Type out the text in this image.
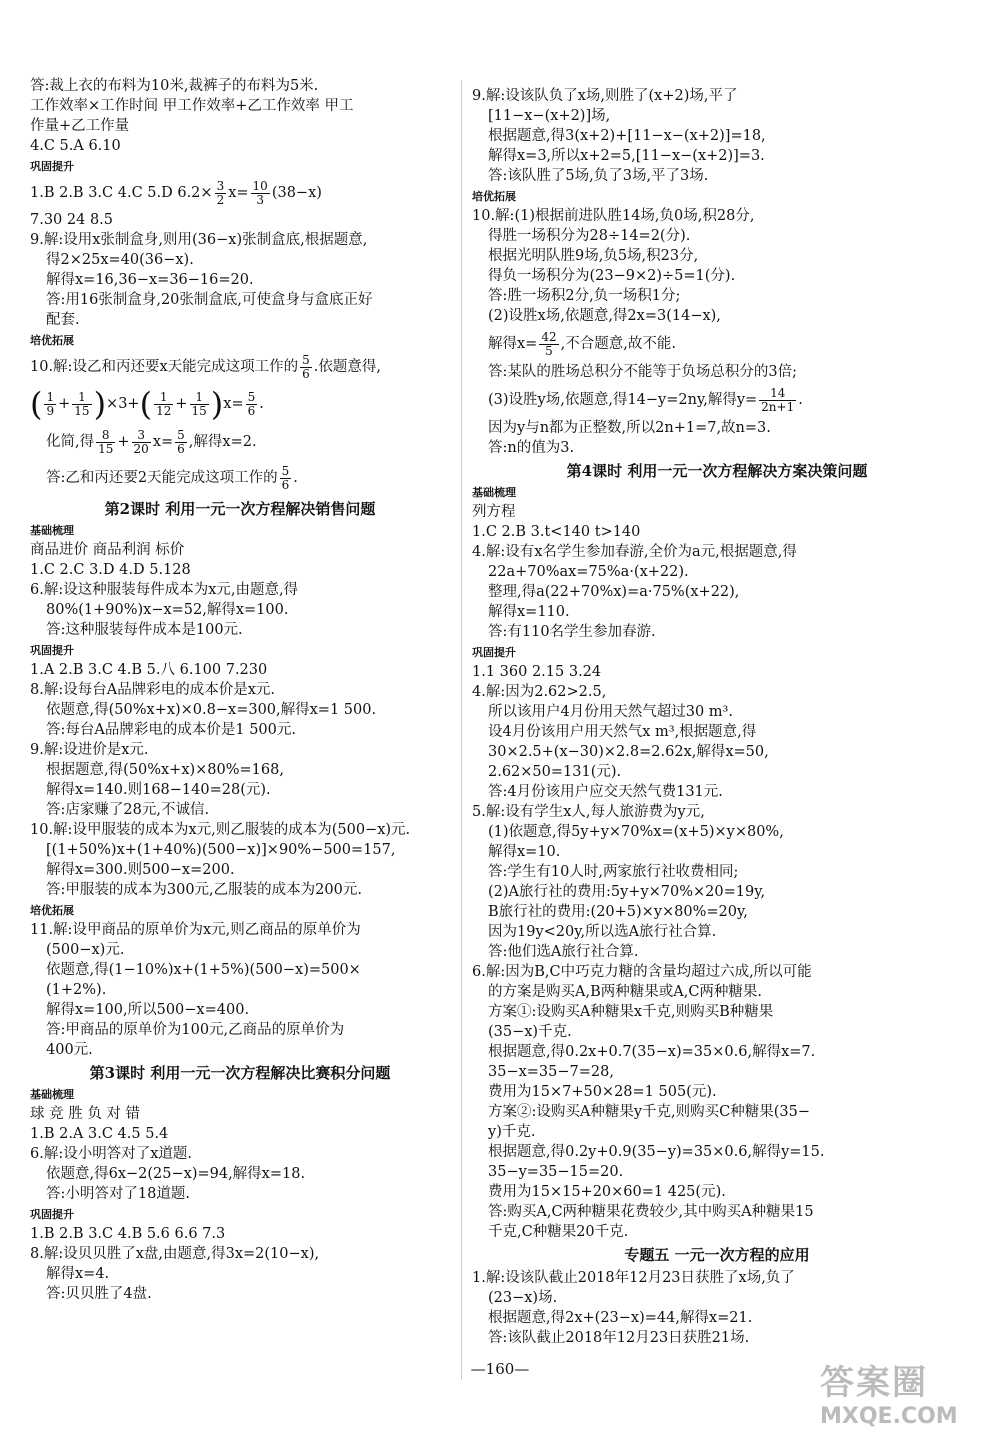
答:裁上衣的布料为10米,裁裤子的布料为5米.
工作效率×工作时间 甲工作效率+乙工作效率 甲工
作量+乙工作量
4.C 5.A 6.10
巩固提升
1.B 2.B 3.C 4.C 5.D $6.2\times \frac{3}{2} x= \frac{10}{3} (38-x)$
7.30 24 8.5
9.解:设用x张制盒身,则用(36−x)张制盒底,根据题意,
得2×25x=40(36−x).
解得x=16,36−x=36−16=20.
答:用16张制盒身,20张制盒底,可使盒身与盒底正好
配套.
培优拓展
10.解:设乙和丙还要x天能完成这项工作的 $\frac{5}{6}$ .依题意得,
( $\frac{1}{9} + \frac{1}{15} )\times 3+( \frac{1}{12} + \frac{1}{15} )x= \frac{5}{6}$ .
化简,得 $\frac{8}{15} + \frac{3}{20} x= \frac{5}{6}$ ,解得x=2.
答:乙和丙还要2天能完成这项工作的 $\frac{5}{6}$ .
第2课时 利用一元一次方程解决销售问题
基础梳理
商品进价 商品利润 标价
1.C 2.C 3.D 4.D 5.128
6.解:设这种服装每件成本为x元,由题意,得
80%(1+90%)x−x=52,解得x=100.
答:这种服装每件成本是100元.
巩固提升
1.A 2.B 3.C 4.B 5.八 6.100 7.230
8.解:设每台A品牌彩电的成本价是x元.
依题意,得(50%x+x)×0.8−x=300,解得x=1 500.
答:每台A品牌彩电的成本价是1 500元.
9.解:设进价是x元.
根据题意,得(50%x+x)×80%=168,
解得x=140.则168−140=28(元).
答:店家赚了28元,不诚信.
10.解:设甲服装的成本为x元,则乙服装的成本为(500−x)元.
[(1+50%)x+(1+40%)(500−x)]×90%−500=157,
解得x=300.则500−x=200.
答:甲服装的成本为300元,乙服装的成本为200元.
培优拓展
11.解:设甲商品的原单价为x元,则乙商品的原单价为
(500−x)元.
依题意,得(1−10%)x+(1+5%)(500−x)=500×
(1+2%).
解得x=100,所以500−x=400.
答:甲商品的原单价为100元,乙商品的原单价为
400元.
第3课时 利用一元一次方程解决比赛积分问题
基础梳理
球 竞 胜 负 对 错
1.B 2.A 3.C 4.5 5.4
6.解:设小明答对了x道题.
依题意,得6x−2(25−x)=94,解得x=18.
答:小明答对了18道题.
巩固提升
1.B 2.B 3.C 4.B 5.6 6.6 7.3
8.解:设贝贝胜了x盘,由题意,得3x=2(10−x),
解得x=4.
答:贝贝胜了4盘.
9.解:设该队负了x场,则胜了(x+2)场,平了
[11−x−(x+2)]场,
根据题意,得3(x+2)+[11−x−(x+2)]=18,
解得x=3,所以x+2=5,[11−x−(x+2)]=3.
答:该队胜了5场,负了3场,平了3场.
培优拓展
10.解:(1)根据前进队胜14场,负0场,积28分,
得胜一场积分为28÷14=2(分).
根据光明队胜9场,负5场,积23分,
得负一场积分为(23−9×2)÷5=1(分).
答:胜一场积2分,负一场积1分;
(2)设胜x场,依题意,得2x=3(14−x),
解得$x= \frac{42}{5}$ ,不合题意,故不能.
答:某队的胜场总积分不能等于负场总积分的3倍;
(3)设胜y场,依题意,得14−y=2ny,解得$y= \frac{14}{2n+1}$ .
因为y与n都为正整数,所以2n+1=7,故n=3.
答:n的值为3.
第4课时 利用一元一次方程解决方案决策问题
基础梳理
列方程
1.C 2.B 3.t<140 t>140
4.解:设有x名学生参加春游,全价为a元,根据题意,得
22a+70%ax=75%a·(x+22).
整理,得a(22+70%x)=a·75%(x+22),
解得x=110.
答:有110名学生参加春游.
巩固提升
1.1 360 2.15 3.24
4.解:因为2.62>2.5,
所以该用户4月份用天然气超过30 m³.
设4月份该用户用天然气x m³,根据题意,得
30×2.5+(x−30)×2.8=2.62x,解得x=50,
2.62×50=131(元).
答:4月份该用户应交天然气费131元.
5.解:设有学生x人,每人旅游费为y元,
(1)依题意,得5y+y×70%x=(x+5)×y×80%,
解得x=10.
答:学生有10人时,两家旅行社收费相同;
(2)A旅行社的费用:5y+y×70%×20=19y,
B旅行社的费用:(20+5)×y×80%=20y,
因为19y<20y,所以选A旅行社合算.
答:他们选A旅行社合算.
6.解:因为B,C中巧克力糖的含量均超过六成,所以可能
的方案是购买A,B两种糖果或A,C两种糖果.
方案①:设购买A种糖果x千克,则购买B种糖果
(35−x)千克.
根据题意,得0.2x+0.7(35−x)=35×0.6,解得x=7.
35−x=35−7=28,
费用为15×7+50×28=1 505(元).
方案②:设购买A种糖果y千克,则购买C种糖果(35−
y)千克.
根据题意,得0.2y+0.9(35−y)=35×0.6,解得y=15.
35−y=35−15=20.
费用为15×15+20×60=1 425(元).
答:购买A,C两种糖果花费较少,其中购买A种糖果15
千克,C种糖果20千克.
专题五 一元一次方程的应用
1.解:设该队截止2018年12月23日获胜了x场,负了
(23−x)场.
根据题意,得2x+(23−x)=44,解得x=21.
答:该队截止2018年12月23日获胜21场.
—160—	答案圈
MXQE.COM
